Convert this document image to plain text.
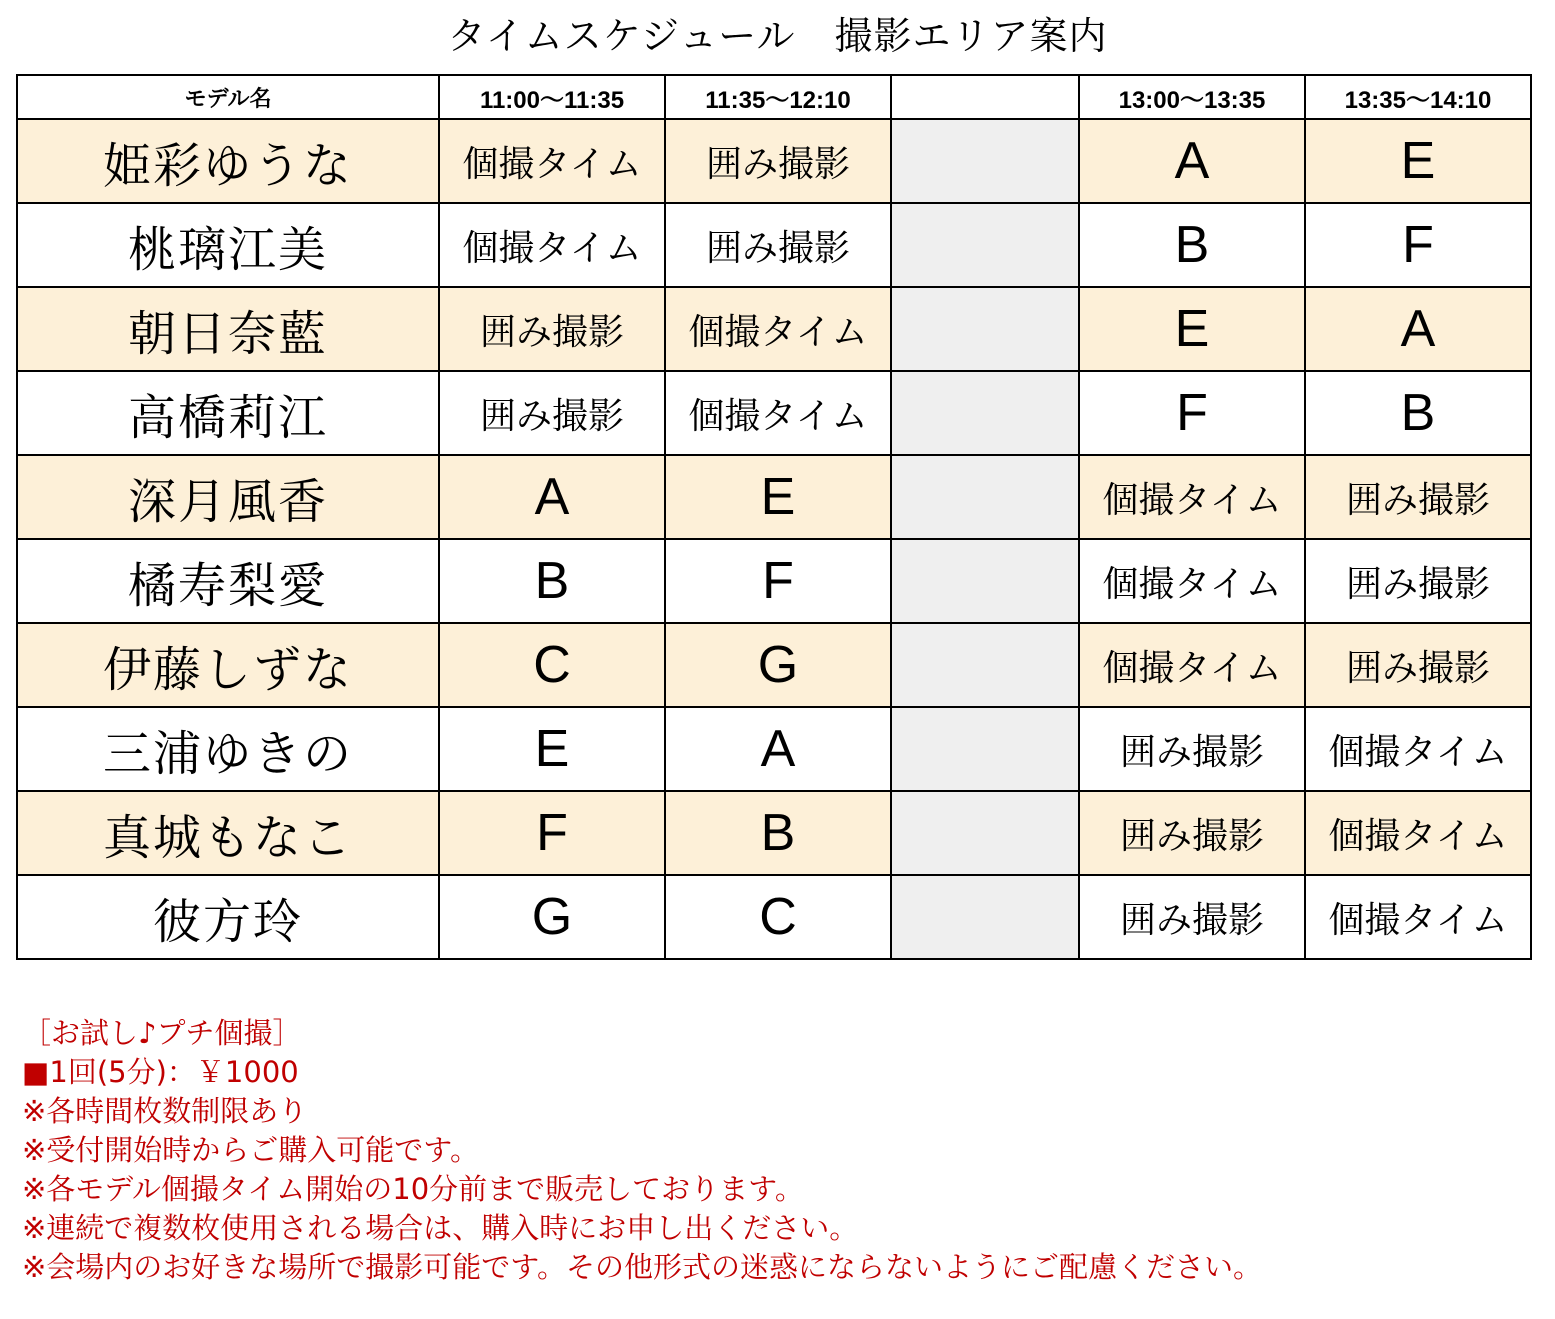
タイムスケジュール　撮影エリア案内
モデル名	11:00〜11:35	11:35〜12:10		13:00〜13:35	13:35〜14:10
姫彩ゆうな	個撮タイム	囲み撮影		A	E
桃璃江美	個撮タイム	囲み撮影		B	F
朝日奈藍	囲み撮影	個撮タイム		E	A
高橋莉江	囲み撮影	個撮タイム		F	B
深月風香	A	E		個撮タイム	囲み撮影
橘寿梨愛	B	F		個撮タイム	囲み撮影
伊藤しずな	C	G		個撮タイム	囲み撮影
三浦ゆきの	E	A		囲み撮影	個撮タイム
真城もなこ	F	B		囲み撮影	個撮タイム
彼方玲	G	C		囲み撮影	個撮タイム
［お試し♪プチ個撮］
■1回(5分)：￥1000
※各時間枚数制限あり
※受付開始時からご購入可能です。
※各モデル個撮タイム開始の10分前まで販売しております。
※連続で複数枚使用される場合は、購入時にお申し出ください。
※会場内のお好きな場所で撮影可能です。その他形式の迷惑にならないようにご配慮ください。
